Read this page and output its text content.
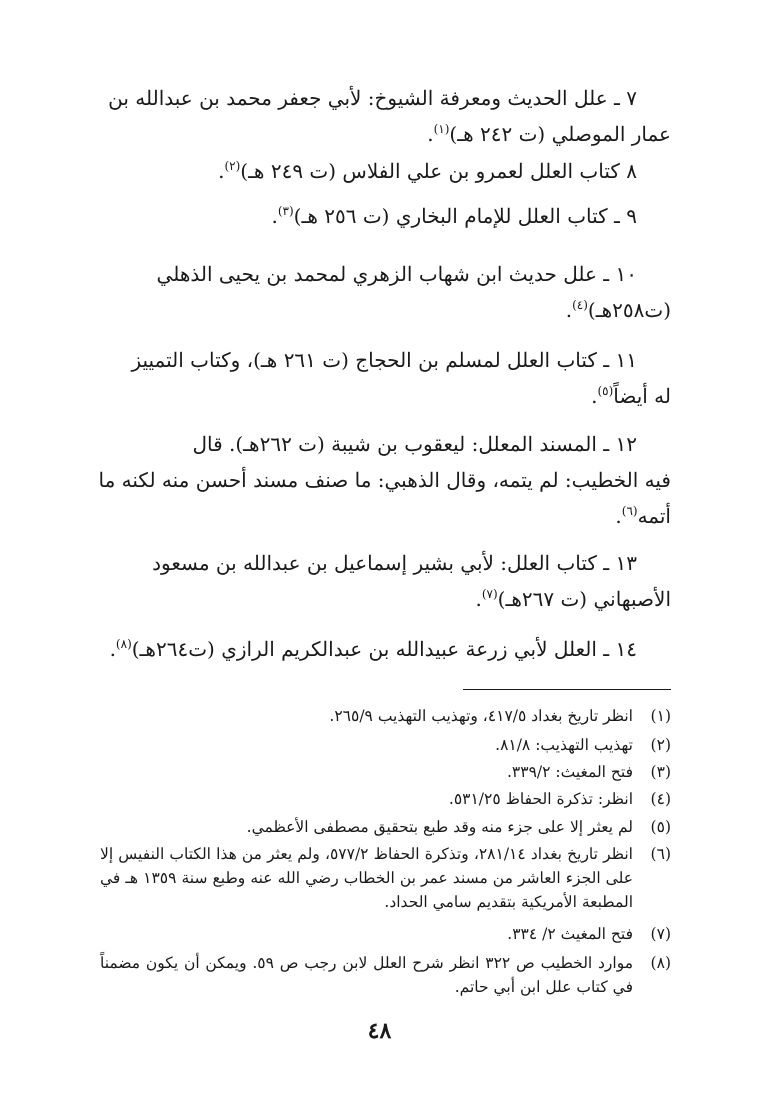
٧ ـ علل الحديث ومعرفة الشيوخ: لأبي جعفر محمد بن عبدالله بن
عمار الموصلي (ت ٢٤٢ هـ)$^{(١)}$.
٨ كتاب العلل لعمرو بن علي الفلاس (ت ٢٤٩ هـ)$^{(٢)}$.
٩ ـ كتاب العلل للإمام البخاري (ت ٢٥٦ هـ)$^{(٣)}$.
١٠ ـ علل حديث ابن شهاب الزهري لمحمد بن يحيى الذهلي
(ت٢٥٨هـ)$^{(٤)}$.
١١ ـ كتاب العلل لمسلم بن الحجاج (ت ٢٦١ هـ)، وكتاب التمييز
له أيضاً$^{(٥)}$.
١٢ ـ المسند المعلل: ليعقوب بن شيبة (ت ٢٦٢هـ). قال
فيه الخطيب: لم يتمه، وقال الذهبي: ما صنف مسند أحسن منه لكنه ما
أتمه$^{(٦)}$.
١٣ ـ كتاب العلل: لأبي بشير إسماعيل بن عبدالله بن مسعود
الأصبهاني (ت ٢٦٧هـ)$^{(٧)}$.
١٤ ـ العلل لأبي زرعة عبيدالله بن عبدالكريم الرازي (ت٢٦٤هـ)$^{(٨)}$.
(١)
انظر تاريخ بغداد ٤١٧/٥، وتهذيب التهذيب ٢٦٥/٩.
(٢)
تهذيب التهذيب: ٨١/٨.
(٣)
فتح المغيث: ٣٣٩/٢.
(٤)
انظر: تذكرة الحفاظ ٥٣١/٢٥.
(٥)
لم يعثر إلا على جزء منه وقد طبع بتحقيق مصطفى الأعظمي.
(٦)
انظر تاريخ بغداد ٢٨١/١٤، وتذكرة الحفاظ ٥٧٧/٢، ولم يعثر من هذا الكتاب النفيس إلا على الجزء العاشر من مسند عمر بن الخطاب رضي الله عنه وطبع سنة ١٣٥٩ هـ في المطبعة الأمريكية بتقديم سامي الحداد.
(٧)
فتح المغيث ٢/ ٣٣٤.
(٨)
موارد الخطيب ص ٣٢٢ انظر شرح العلل لابن رجب ص ٥٩. ويمكن أن يكون مضمناً في كتاب علل ابن أبي حاتم.
٤٨
